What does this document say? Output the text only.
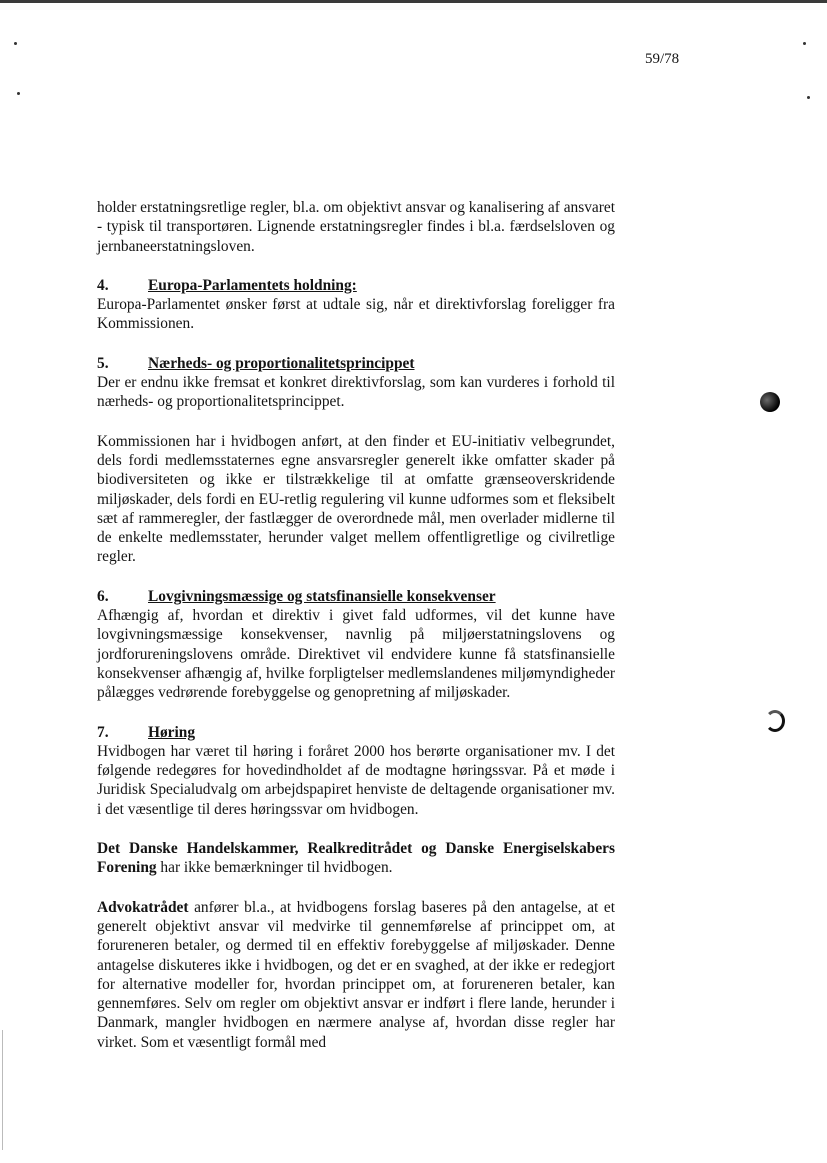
59/78

holder erstatningsretlige regler, bl.a. om objektivt ansvar og kanalisering af ansvaret - typisk til transportøren. Lignende erstatningsregler findes i bl.a. færdselsloven og jernbaneerstatningsloven.

4.	Europa-Parlamentets holdning:

Europa-Parlamentet ønsker først at udtale sig, når et direktivforslag foreligger fra Kommissionen.

5.	Nærheds- og proportionalitetsprincippet

Der er endnu ikke fremsat et konkret direktivforslag, som kan vurderes i forhold til nærheds- og proportionalitetsprincippet.

Kommissionen har i hvidbogen anført, at den finder et EU-initiativ velbegrundet, dels fordi medlemsstaternes egne ansvarsregler generelt ikke omfatter skader på biodiversiteten og ikke er tilstrækkelige til at omfatte grænseoverskridende miljøskader, dels fordi en EU-retlig regulering vil kunne udformes som et fleksibelt sæt af rammeregler, der fastlægger de overordnede mål, men overlader midlerne til de enkelte medlemsstater, herunder valget mellem offentligretlige og civilretlige regler.

6.	Lovgivningsmæssige og statsfinansielle konsekvenser

Afhængig af, hvordan et direktiv i givet fald udformes, vil det kunne have lovgivningsmæssige konsekvenser, navnlig på miljøerstatningslovens og jordforureningslovens område. Direktivet vil endvidere kunne få statsfinansielle konsekvenser afhængig af, hvilke forpligtelser medlemslandenes miljømyndigheder pålægges vedrørende forebyggelse og genopretning af miljøskader.

7.	Høring

Hvidbogen har været til høring i foråret 2000 hos berørte organisationer mv. I det følgende redegøres for hovedindholdet af de modtagne høringssvar. På et møde i Juridisk Specialudvalg om arbejdspapiret henviste de deltagende organisationer mv. i det væsentlige til deres høringssvar om hvidbogen.

Det Danske Handelskammer, Realkreditrådet og Danske Energiselskabers Forening har ikke bemærkninger til hvidbogen.

Advokatrådet anfører bl.a., at hvidbogens forslag baseres på den antagelse, at et generelt objektivt ansvar vil medvirke til gennemførelse af princippet om, at forureneren betaler, og dermed til en effektiv forebyggelse af miljøskader. Denne antagelse diskuteres ikke i hvidbogen, og det er en svaghed, at der ikke er redegjort for alternative modeller for, hvordan princippet om, at forureneren betaler, kan gennemføres. Selv om regler om objektivt ansvar er indført i flere lande, herunder i Danmark, mangler hvidbogen en nærmere analyse af, hvordan disse regler har virket. Som et væsentligt formål med
